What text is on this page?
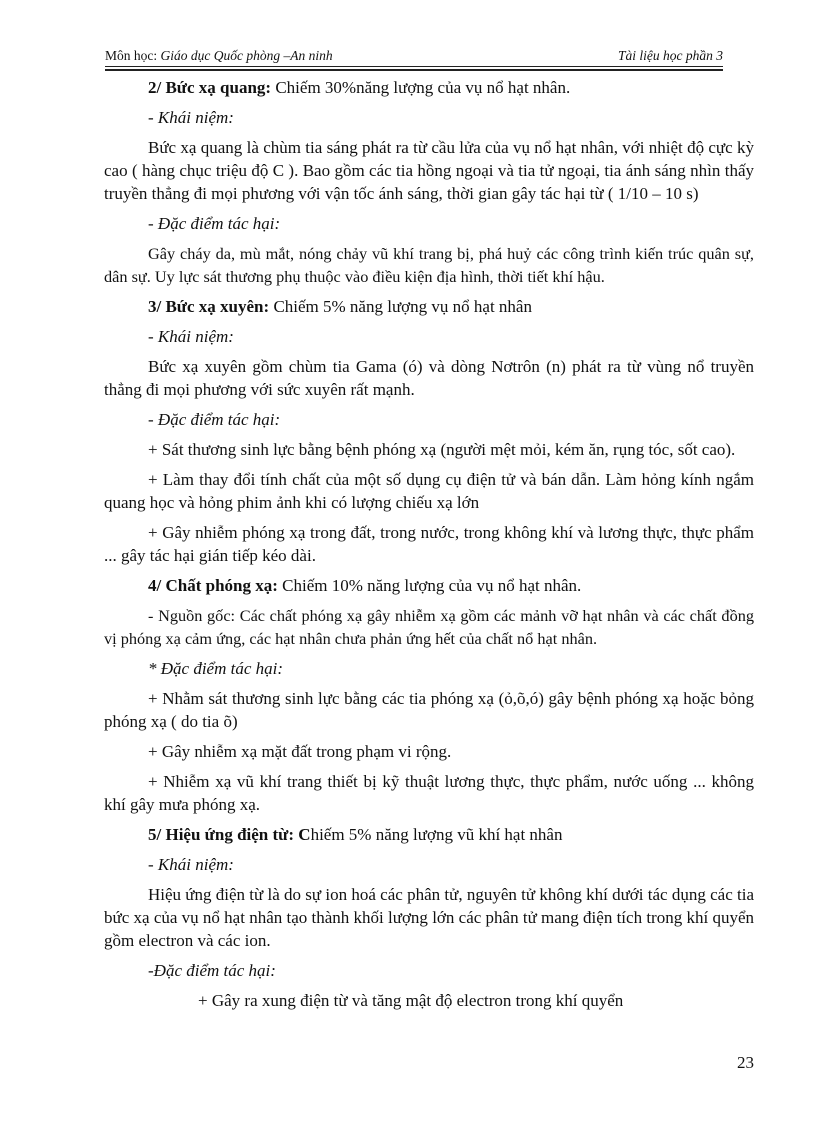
Môn học: Giáo dục Quốc phòng –An ninh	Tài liệu học phần 3

2/ Bức xạ quang: Chiếm 30%năng lượng của vụ nổ hạt nhân.

- Khái niệm:

Bức xạ quang là chùm tia sáng phát ra từ cầu lửa của vụ nổ hạt nhân, với nhiệt độ cực kỳ cao ( hàng chục triệu độ C ). Bao gồm các tia hồng ngoại và tia tử ngoại, tia ánh sáng nhìn thấy truyền thẳng đi mọi phương với vận tốc ánh sáng, thời gian gây tác hại từ ( 1/10 – 10 s)

- Đặc điểm tác hại:

Gây cháy da, mù mắt, nóng chảy vũ khí trang bị, phá huỷ các công trình kiến trúc quân sự, dân sự. Uy lực sát thương phụ thuộc vào điều kiện địa hình, thời tiết khí hậu.

3/ Bức xạ xuyên: Chiếm 5% năng lượng vụ nổ hạt nhân

- Khái niệm:

Bức xạ xuyên gồm chùm tia Gama (ó) và dòng Nơtrôn (n) phát ra từ vùng nổ truyền thẳng đi mọi phương với sức xuyên rất mạnh.

- Đặc điểm tác hại:

+ Sát thương sinh lực bằng bệnh phóng xạ (người mệt mỏi, kém ăn, rụng tóc, sốt cao).

+ Làm thay đổi tính chất của một số dụng cụ điện tử và bán dẫn. Làm hỏng kính ngắm quang học và hỏng phim ảnh khi có lượng chiếu xạ lớn

+ Gây nhiễm phóng xạ trong đất, trong nước, trong không khí và lương thực, thực phẩm ... gây tác hại gián tiếp kéo dài.

4/ Chất phóng xạ: Chiếm 10% năng lượng của vụ nổ hạt nhân.

- Nguồn gốc: Các chất phóng xạ gây nhiễm xạ gồm các mảnh vỡ hạt nhân và các chất đồng vị phóng xạ cảm ứng, các hạt nhân chưa phản ứng hết của chất nổ hạt nhân.

* Đặc điểm tác hại:

+ Nhằm sát thương sinh lực bằng các tia phóng xạ (ỏ,õ,ó) gây bệnh phóng xạ hoặc bỏng phóng xạ ( do tia õ)

+ Gây nhiễm xạ mặt đất trong phạm vi rộng.

+ Nhiễm xạ vũ khí trang thiết bị kỹ thuật lương thực, thực phẩm, nước uống ... không khí gây mưa phóng xạ.

5/ Hiệu ứng điện từ: Chiếm 5% năng lượng vũ khí hạt nhân

- Khái niệm:

Hiệu ứng điện từ là do sự ion hoá các phân tử, nguyên tử không khí dưới tác dụng các tia bức xạ của vụ nổ hạt nhân tạo thành khối lượng lớn các phân tử mang điện tích trong khí quyển gồm electron và các ion.

-Đặc điểm tác hại:

+ Gây ra xung điện từ và tăng mật độ electron trong khí quyển

23
